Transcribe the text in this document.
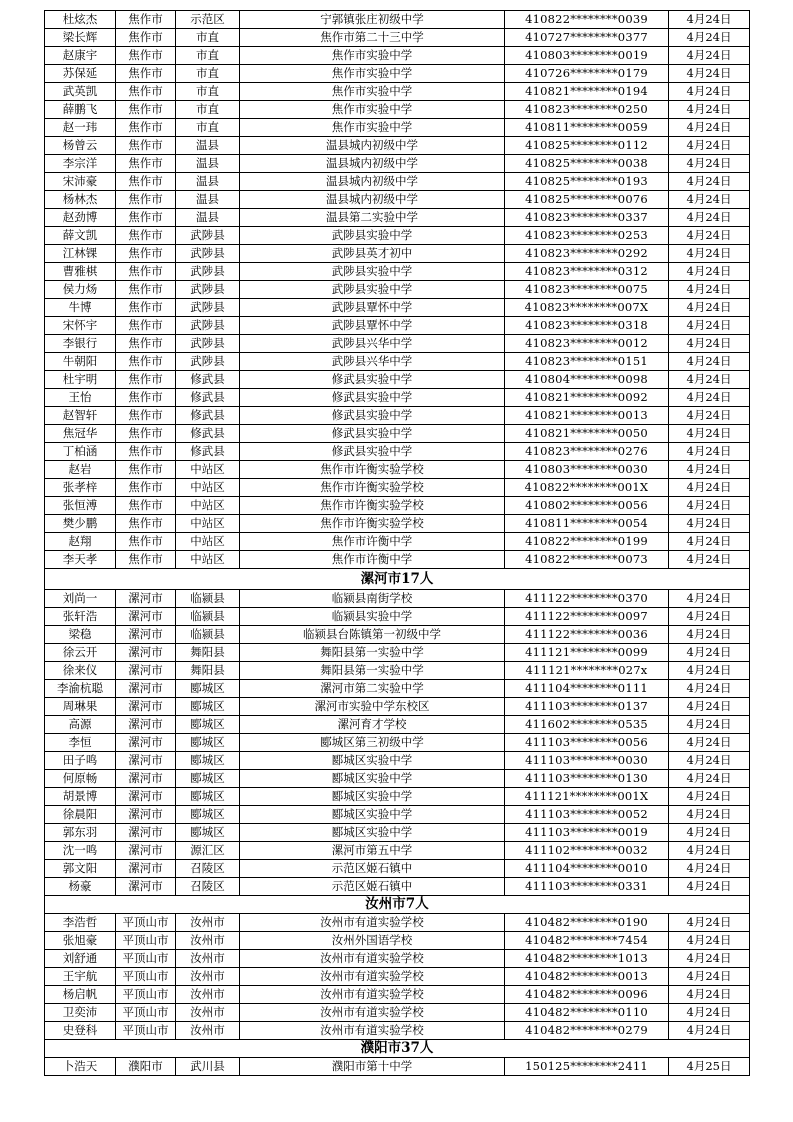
杜炫杰	焦作市	示范区	宁郭镇张庄初级中学	410822********0039	4月24日
梁长辉	焦作市	市直	焦作市第二十三中学	410727********0377	4月24日
赵康宇	焦作市	市直	焦作市实验中学	410803********0019	4月24日
苏保延	焦作市	市直	焦作市实验中学	410726********0179	4月24日
武英凯	焦作市	市直	焦作市实验中学	410821********0194	4月24日
薛鹏飞	焦作市	市直	焦作市实验中学	410823********0250	4月24日
赵一玮	焦作市	市直	焦作市实验中学	410811********0059	4月24日
杨曾云	焦作市	温县	温县城内初级中学	410825********0112	4月24日
李宗洋	焦作市	温县	温县城内初级中学	410825********0038	4月24日
宋沛豪	焦作市	温县	温县城内初级中学	410825********0193	4月24日
杨林杰	焦作市	温县	温县城内初级中学	410825********0076	4月24日
赵劲博	焦作市	温县	温县第二实验中学	410823********0337	4月24日
薛文凯	焦作市	武陟县	武陟县实验中学	410823********0253	4月24日
江林锞	焦作市	武陟县	武陟县英才初中	410823********0292	4月24日
曹雅棋	焦作市	武陟县	武陟县实验中学	410823********0312	4月24日
侯力炀	焦作市	武陟县	武陟县实验中学	410823********0075	4月24日
牛博	焦作市	武陟县	武陟县覃怀中学	410823********007X	4月24日
宋怀宇	焦作市	武陟县	武陟县覃怀中学	410823********0318	4月24日
李银行	焦作市	武陟县	武陟县兴华中学	410823********0012	4月24日
牛朝阳	焦作市	武陟县	武陟县兴华中学	410823********0151	4月24日
杜宇明	焦作市	修武县	修武县实验中学	410804********0098	4月24日
王怡	焦作市	修武县	修武县实验中学	410821********0092	4月24日
赵智轩	焦作市	修武县	修武县实验中学	410821********0013	4月24日
焦冠华	焦作市	修武县	修武县实验中学	410821********0050	4月24日
丁柏涵	焦作市	修武县	修武县实验中学	410823********0276	4月24日
赵岩	焦作市	中站区	焦作市许衡实验学校	410803********0030	4月24日
张孝梓	焦作市	中站区	焦作市许衡实验学校	410822********001X	4月24日
张恒溥	焦作市	中站区	焦作市许衡实验学校	410802********0056	4月24日
樊少鹏	焦作市	中站区	焦作市许衡实验学校	410811********0054	4月24日
赵翔	焦作市	中站区	焦作市许衡中学	410822********0199	4月24日
李天孝	焦作市	中站区	焦作市许衡中学	410822********0073	4月24日
漯河市17人					
刘尚一	漯河市	临颍县	临颍县南街学校	411122********0370	4月24日
张轩浩	漯河市	临颍县	临颍县实验中学	411122********0097	4月24日
梁稳	漯河市	临颍县	临颍县台陈镇第一初级中学	411122********0036	4月24日
徐云开	漯河市	舞阳县	舞阳县第一实验中学	411121********0099	4月24日
徐来仪	漯河市	舞阳县	舞阳县第一实验中学	411121********027x	4月24日
李渝杭聪	漯河市	郾城区	漯河市第二实验中学	411104********0111	4月24日
周琳果	漯河市	郾城区	漯河市实验中学东校区	411103********0137	4月24日
高源	漯河市	郾城区	漯河育才学校	411602********0535	4月24日
李恒	漯河市	郾城区	郾城区第三初级中学	411103********0056	4月24日
田子鸣	漯河市	郾城区	郾城区实验中学	411103********0030	4月24日
何原畅	漯河市	郾城区	郾城区实验中学	411103********0130	4月24日
胡景博	漯河市	郾城区	郾城区实验中学	411121********001X	4月24日
徐晨阳	漯河市	郾城区	郾城区实验中学	411103********0052	4月24日
郭东羽	漯河市	郾城区	郾城区实验中学	411103********0019	4月24日
沈一鸣	漯河市	源汇区	漯河市第五中学	411102********0032	4月24日
郭文阳	漯河市	召陵区	示范区姬石镇中	411104********0010	4月24日
杨豪	漯河市	召陵区	示范区姬石镇中	411103********0331	4月24日
汝州市7人					
李浩哲	平顶山市	汝州市	汝州市有道实验学校	410482********0190	4月24日
张旭豪	平顶山市	汝州市	汝州外国语学校	410482********7454	4月24日
刘舒通	平顶山市	汝州市	汝州市有道实验学校	410482********1013	4月24日
王宇航	平顶山市	汝州市	汝州市有道实验学校	410482********0013	4月24日
杨启帆	平顶山市	汝州市	汝州市有道实验学校	410482********0096	4月24日
卫奕沛	平顶山市	汝州市	汝州市有道实验学校	410482********0110	4月24日
史登科	平顶山市	汝州市	汝州市有道实验学校	410482********0279	4月24日
濮阳市37人					
卜浩天	濮阳市	武川县	濮阳市第十中学	150125********2411	4月25日
